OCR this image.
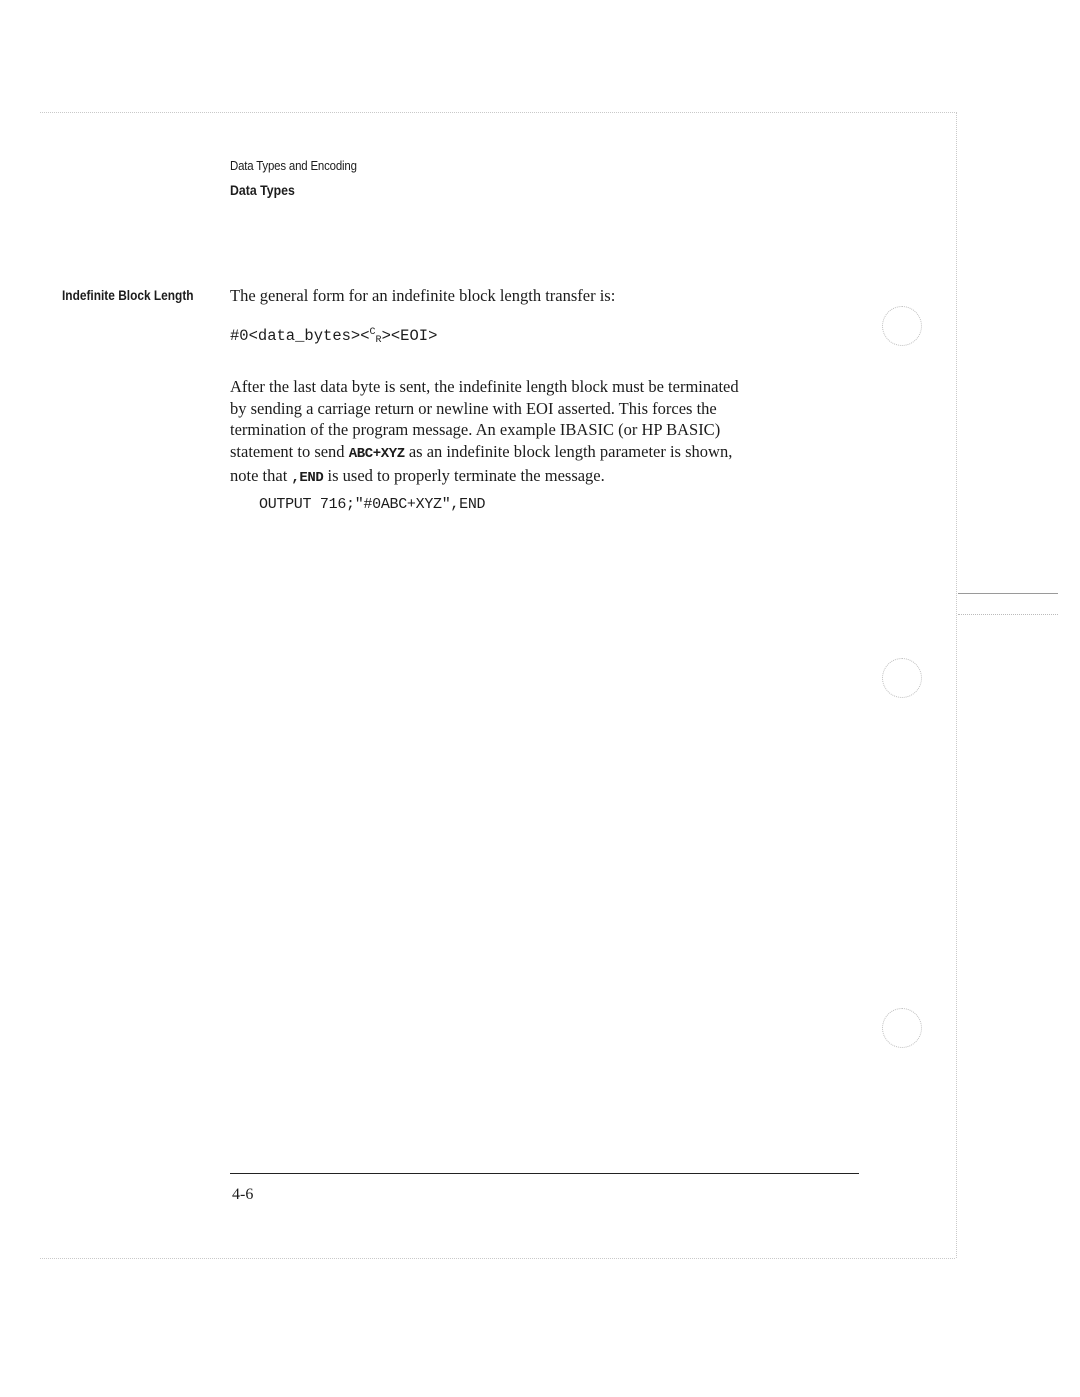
Data Types and Encoding
Data Types
Indefinite Block Length The general form for an indefinite block length transfer is:
#0<data_bytes><$^C_R$><EOI>
After the last data byte is sent, the indefinite length block must be terminated
by sending a carriage return or newline with EOI asserted. This forces the
termination of the program message. An example IBASIC (or HP BASIC)
statement to send ABC+XYZ as an indefinite block length parameter is shown,
note that ,END is used to properly terminate the message.
OUTPUT 716;"#0ABC+XYZ",END
4-6
